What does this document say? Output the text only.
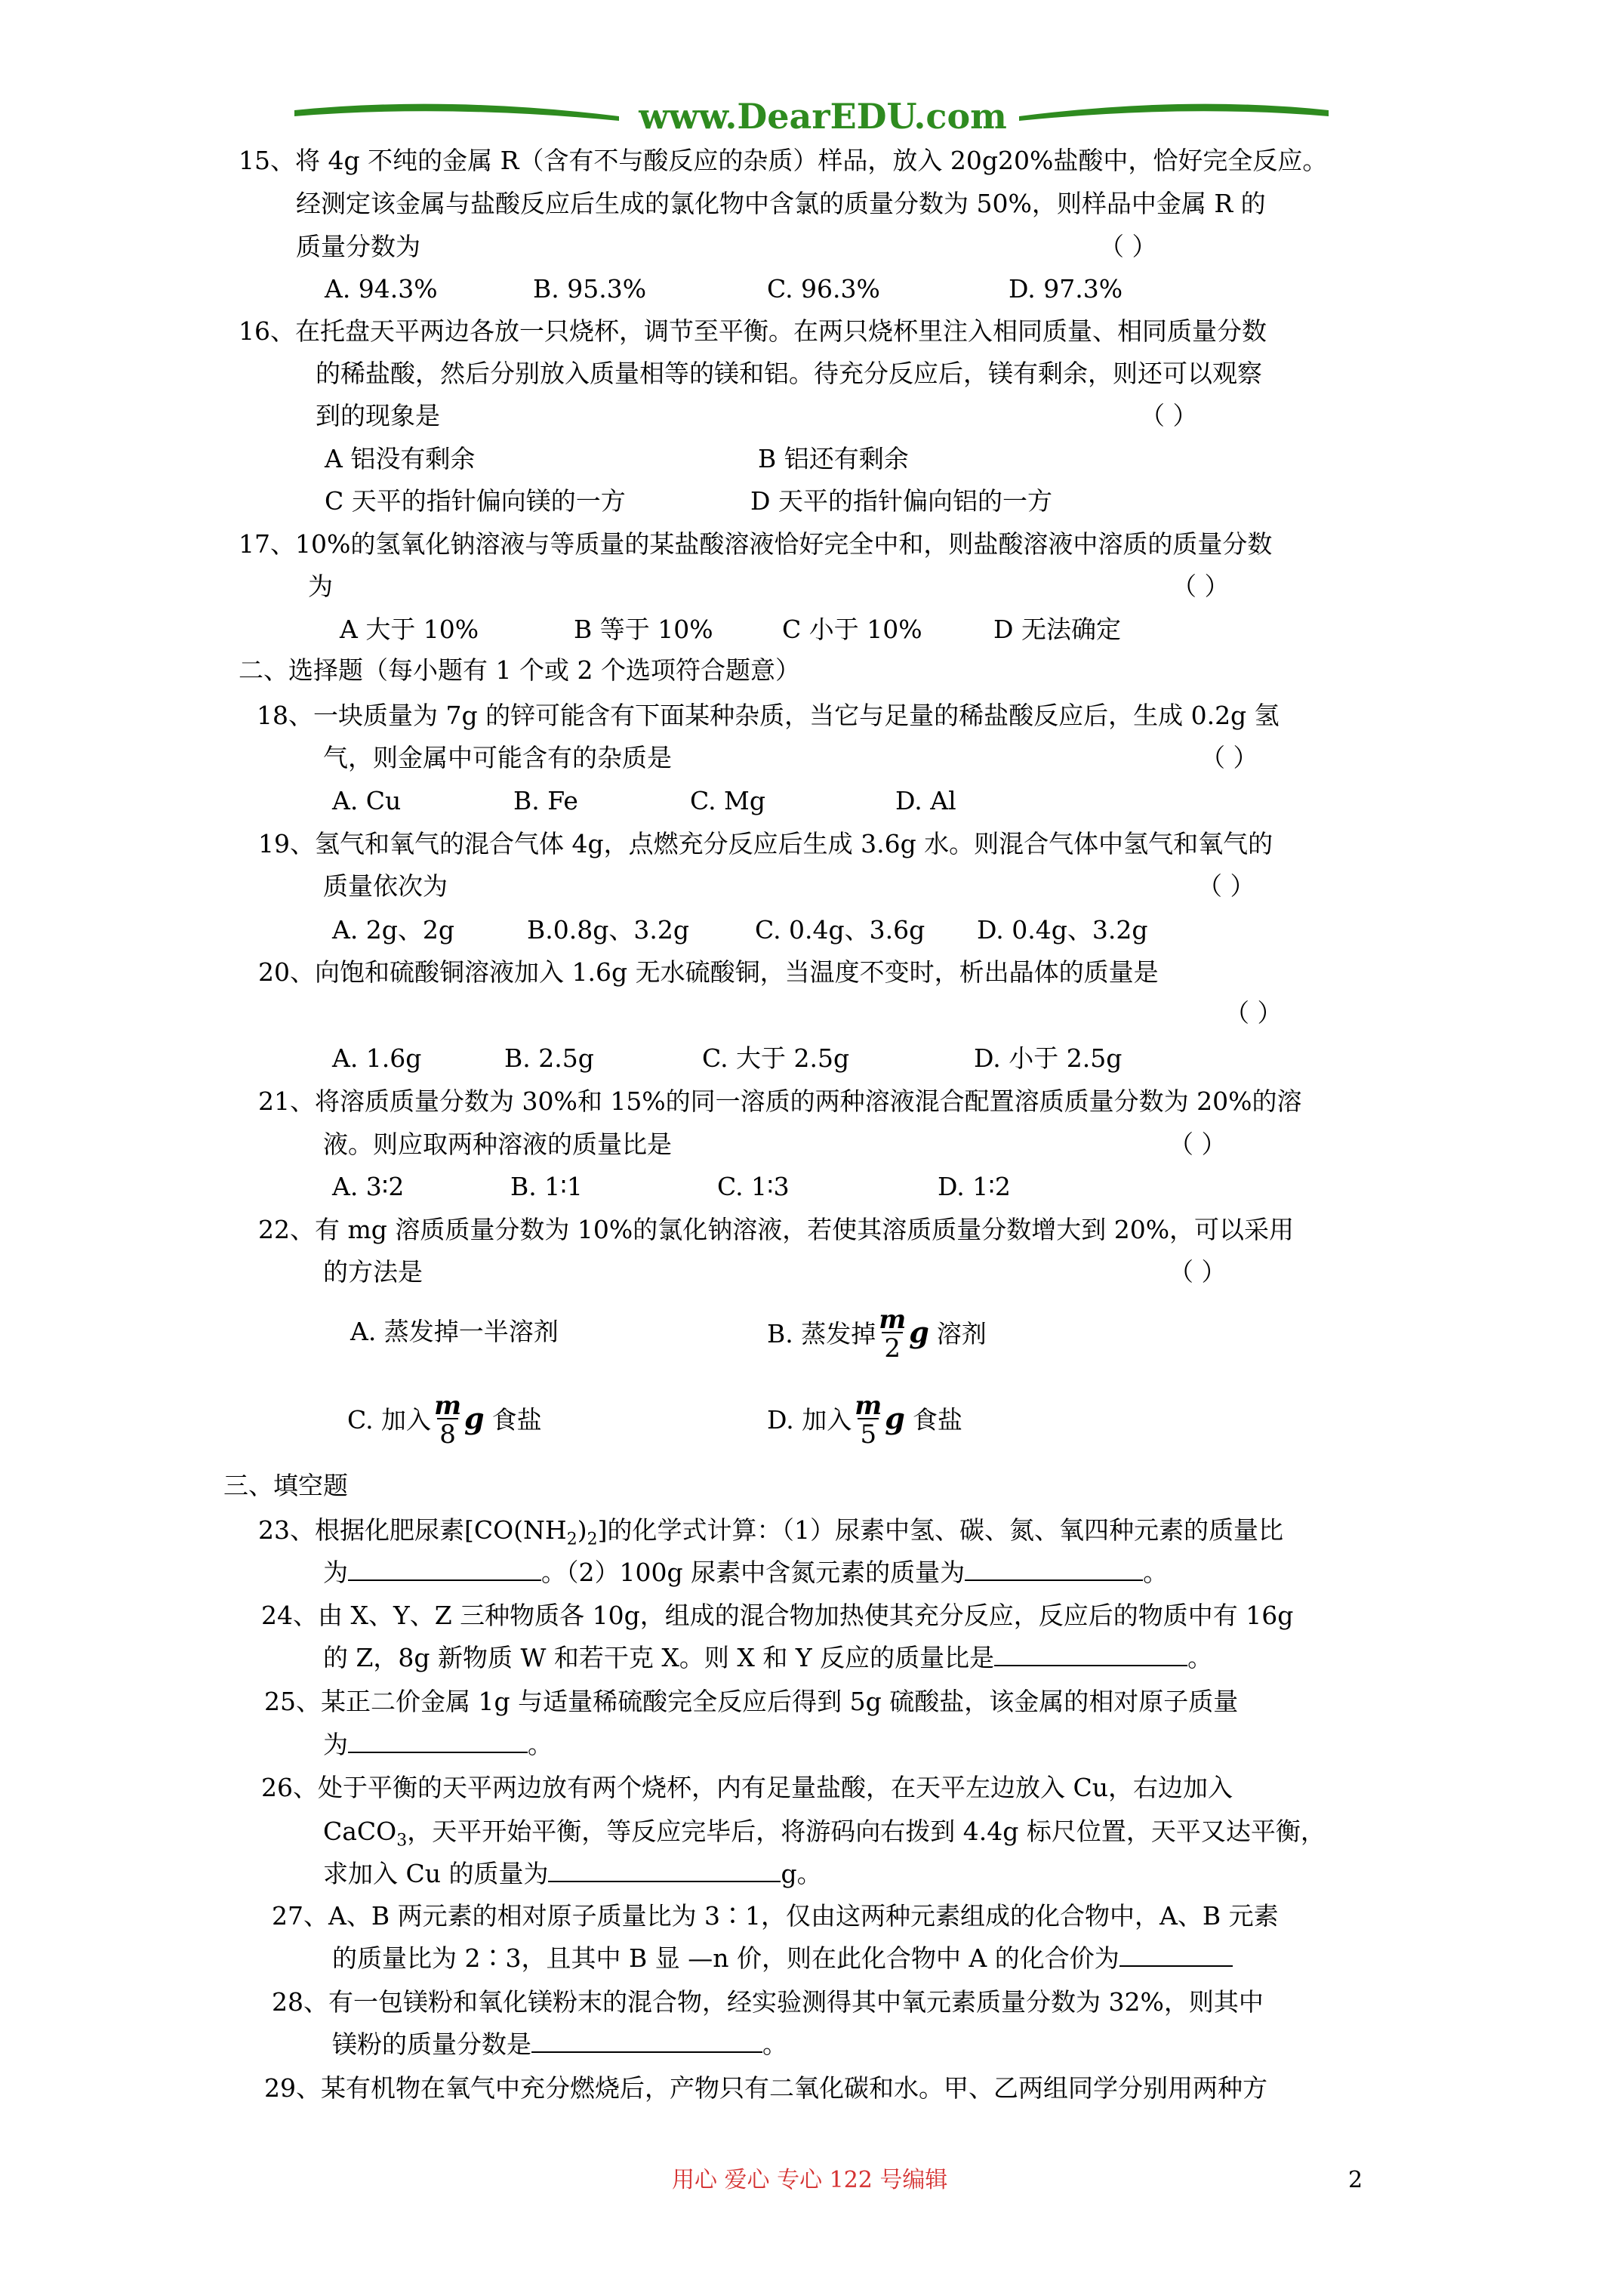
www.DearEDU.com
15、将 4g 不纯的金属 R（含有不与酸反应的杂质）样品，放入 20g20%盐酸中，恰好完全反应。
经测定该金属与盐酸反应后生成的氯化物中含氯的质量分数为 50%，则样品中金属 R 的
质量分数为	（ ）
A. 94.3%	B. 95.3%	C. 96.3%	D. 97.3%
16、在托盘天平两边各放一只烧杯，调节至平衡。在两只烧杯里注入相同质量、相同质量分数
的稀盐酸，然后分别放入质量相等的镁和铝。待充分反应后，镁有剩余，则还可以观察
到的现象是	（ ）
A 铝没有剩余	B 铝还有剩余
C 天平的指针偏向镁的一方	D 天平的指针偏向铝的一方
17、10%的氢氧化钠溶液与等质量的某盐酸溶液恰好完全中和，则盐酸溶液中溶质的质量分数
为	（ ）
A 大于 10%	B 等于 10%	C 小于 10%	D 无法确定
二、选择题（每小题有 1 个或 2 个选项符合题意）
18、一块质量为 7g 的锌可能含有下面某种杂质，当它与足量的稀盐酸反应后，生成 0.2g 氢
气，则金属中可能含有的杂质是	（ ）
A. Cu	B. Fe	C. Mg	D. Al
19、氢气和氧气的混合气体 4g，点燃充分反应后生成 3.6g 水。则混合气体中氢气和氧气的
质量依次为	（ ）
A. 2g、2g	B.0.8g、3.2g	C. 0.4g、3.6g D. 0.4g、3.2g
20、向饱和硫酸铜溶液加入 1.6g 无水硫酸铜，当温度不变时，析出晶体的质量是
（ ）
A. 1.6g	B. 2.5g	C. 大于 2.5g	D. 小于 2.5g
21、将溶质质量分数为 30%和 15%的同一溶质的两种溶液混合配置溶质质量分数为 20%的溶
液。则应取两种溶液的质量比是	（ ）
A. 3∶2	B. 1∶1	C. 1∶3	D. 1∶2
22、有 mg 溶质质量分数为 10%的氯化钠溶液，若使其溶质质量分数增大到 20%，可以采用
的方法是	（ ）
A. 蒸发掉一半溶剂	B. 蒸发掉 $\frac{m}{2}$ g 溶剂
C. 加入 $\frac{m}{8}$ g 食盐	D. 加入 $\frac{m}{5}$ g 食盐
三、填空题
23、根据化肥尿素$[CO(NH_2)_2]$的化学式计算：（1）尿素中氢、碳、氮、氧四种元素的质量比
为	。（2）100g 尿素中含氮元素的质量为	。
24、由 X、Y、Z 三种物质各 10g，组成的混合物加热使其充分反应，反应后的物质中有 16g
的 Z，8g 新物质 W 和若干克 X。则 X 和 Y 反应的质量比是	。
25、某正二价金属 1g 与适量稀硫酸完全反应后得到 5g 硫酸盐，该金属的相对原子质量
为	。
26、处于平衡的天平两边放有两个烧杯，内有足量盐酸，在天平左边放入 Cu，右边加入
CaCO$_3$，天平开始平衡，等反应完毕后，将游码向右拨到 4.4g 标尺位置，天平又达平衡，
求加入 Cu 的质量为	g。
27、A、B 两元素的相对原子质量比为 3∶1，仅由这两种元素组成的化合物中，A、B 元素
的质量比为 2∶3，且其中 B 显 —n 价，则在此化合物中 A 的化合价为
28、有一包镁粉和氧化镁粉末的混合物，经实验测得其中氧元素质量分数为 32%，则其中
镁粉的质量分数是	。
29、某有机物在氧气中充分燃烧后，产物只有二氧化碳和水。甲、乙两组同学分别用两种方
用心 爱心 专心 122 号编辑	2
